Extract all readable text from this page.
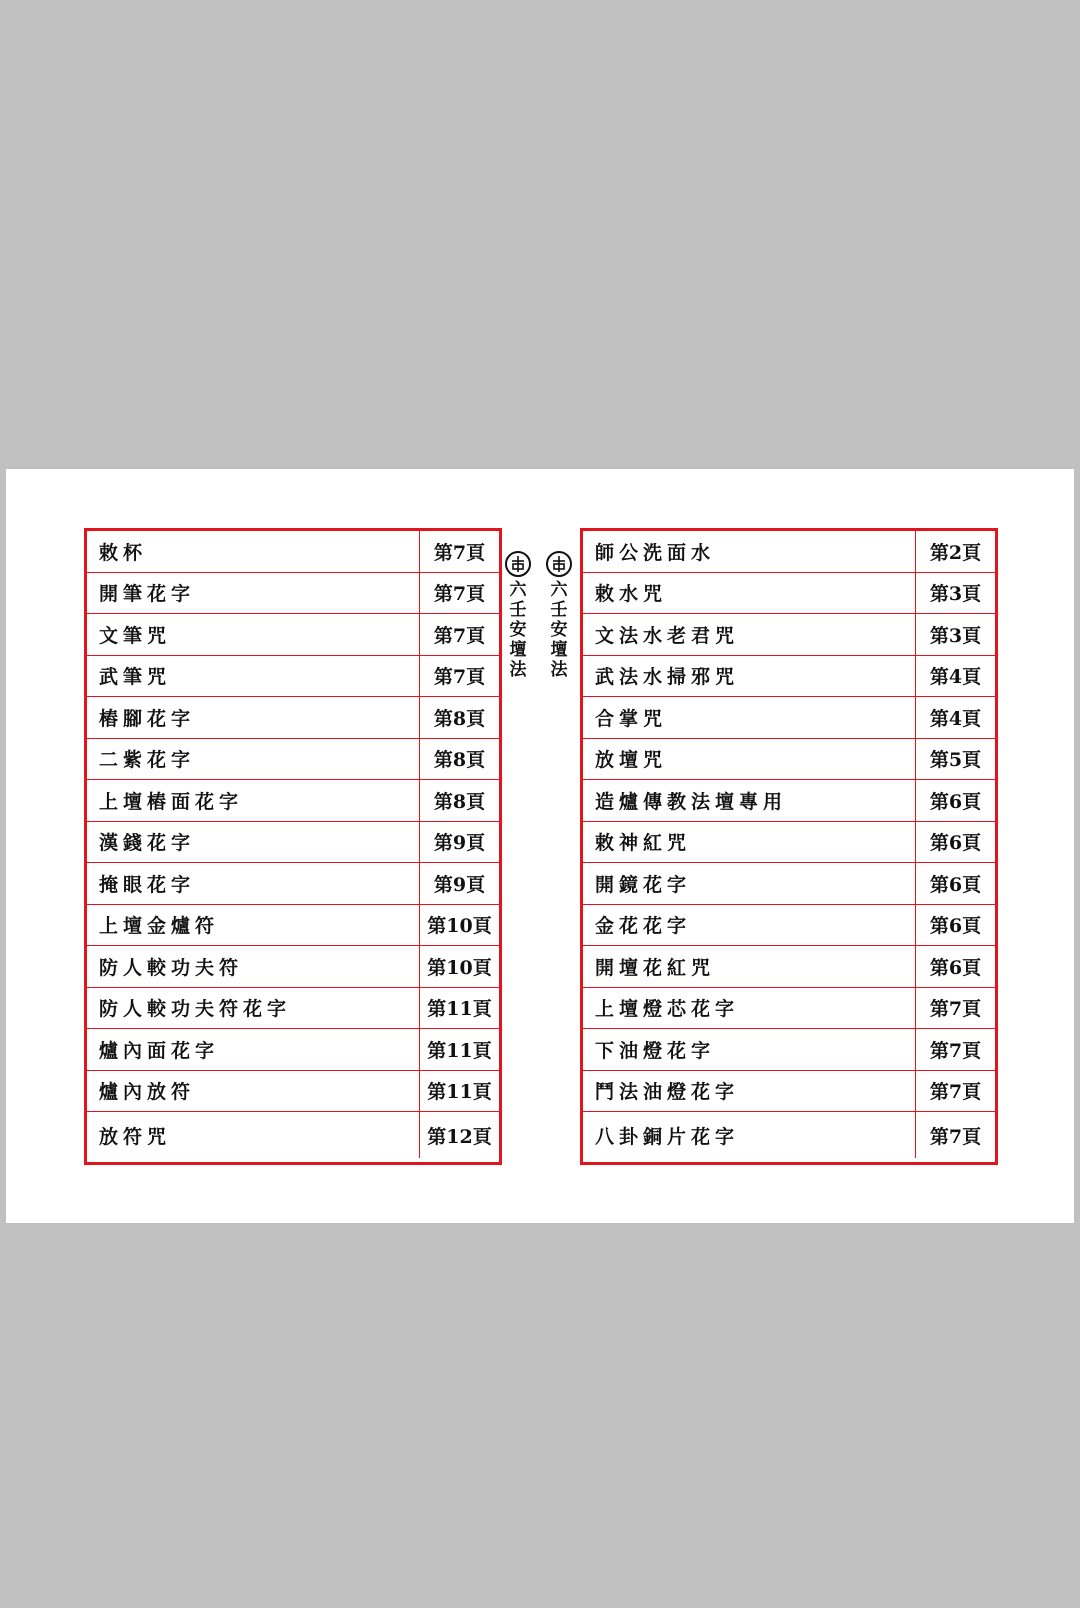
敕杯	第7頁
開筆花字	第7頁
文筆咒	第7頁
武筆咒	第7頁
樁腳花字	第8頁
二紫花字	第8頁
上壇樁面花字	第8頁
漢錢花字	第9頁
掩眼花字	第9頁
上壇金爐符	第10頁
防人較功夫符	第10頁
防人較功夫符花字	第11頁
爐內面花字	第11頁
爐內放符	第11頁
放符咒	第12頁
六壬安壇法
六壬安壇法
師公洗面水	第2頁
敕水咒	第3頁
文法水老君咒	第3頁
武法水掃邪咒	第4頁
合掌咒	第4頁
放壇咒	第5頁
造爐傳教法壇專用	第6頁
敕神紅咒	第6頁
開鏡花字	第6頁
金花花字	第6頁
開壇花紅咒	第6頁
上壇燈芯花字	第7頁
下油燈花字	第7頁
鬥法油燈花字	第7頁
八卦銅片花字	第7頁
